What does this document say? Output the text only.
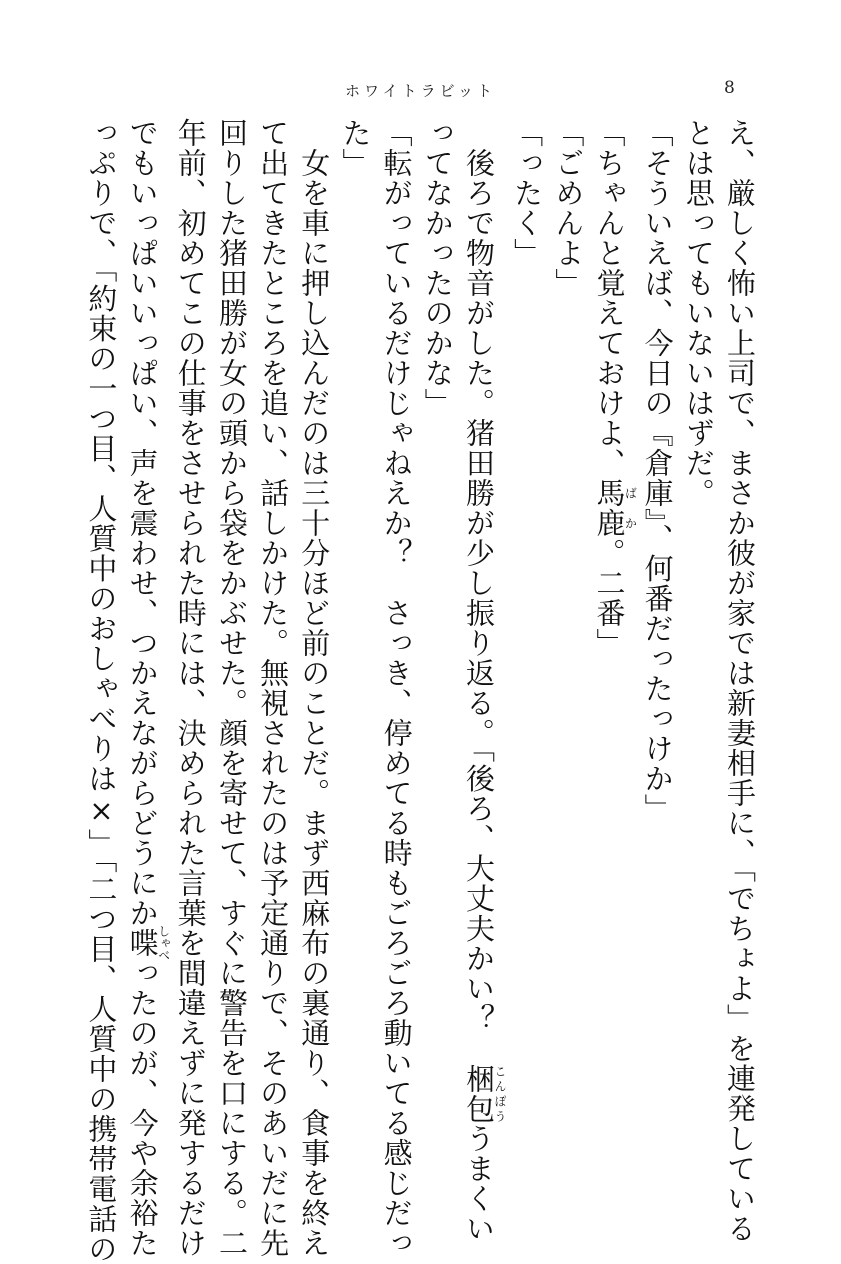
ホワイトラビット	8
え、厳しく怖い上司で、まさか彼が家では新妻相手に、「でちょよ」を連発している
とは思ってもいないはずだ。
「そういえば、今日の『倉庫』、何番だったっけか」
「ちゃんと覚えておけよ、馬鹿ばか。二番」
「ごめんよ」
「ったく」
　後ろで物音がした。猪田勝が少し振り返る。「後ろ、大丈夫かい？　梱包こんぽううまくい
ってなかったのかな」
「転がっているだけじゃねえか？　さっき、停めてる時もごろごろ動いてる感じだっ
た」
　女を車に押し込んだのは三十分ほど前のことだ。まず西麻布の裏通り、食事を終え
て出てきたところを追い、話しかけた。無視されたのは予定通りで、そのあいだに先
回りした猪田勝が女の頭から袋をかぶせた。顔を寄せて、すぐに警告を口にする。二
年前、初めてこの仕事をさせられた時には、決められた言葉を間違えずに発するだけ
でもいっぱいいっぱい、声を震わせ、つかえながらどうにか喋しゃべったのが、今や余裕た
っぷりで、「約束の一つ目、人質中のおしゃべりは×」「二つ目、人質中の携帯電話の
